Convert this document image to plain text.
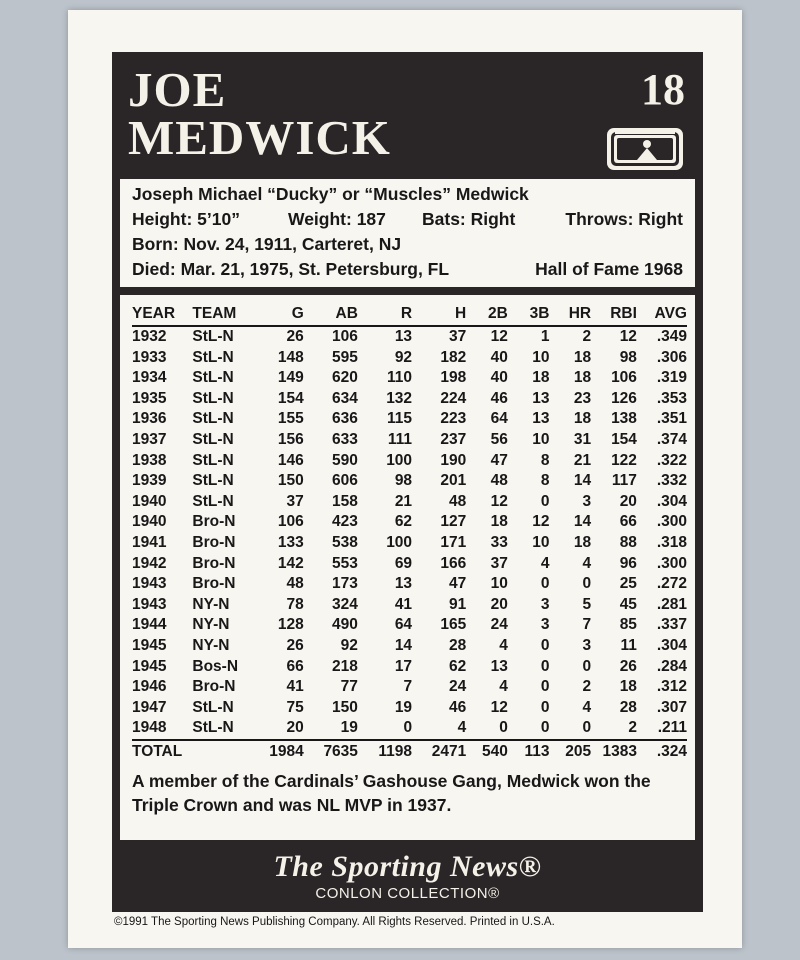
JOE
MEDWICK
18
Joseph Michael “Ducky” or “Muscles” Medwick
Height: 5’10”	Weight: 187 Bats: Right	Throws: Right
Born: Nov. 24, 1911, Carteret, NJ
Died: Mar. 21, 1975, St. Petersburg, FL	Hall of Fame 1968
YEAR	TEAM	G	AB	R	H	2B	3B	HR	RBI	AVG
1932	StL-N	26	106	13	37	12	1	2	12	.349
1933	StL-N	148	595	92	182	40	10	18	98	.306
1934	StL-N	149	620	110	198	40	18	18	106	.319
1935	StL-N	154	634	132	224	46	13	23	126	.353
1936	StL-N	155	636	115	223	64	13	18	138	.351
1937	StL-N	156	633	111	237	56	10	31	154	.374
1938	StL-N	146	590	100	190	47	8	21	122	.322
1939	StL-N	150	606	98	201	48	8	14	117	.332
1940	StL-N	37	158	21	48	12	0	3	20	.304
1940	Bro-N	106	423	62	127	18	12	14	66	.300
1941	Bro-N	133	538	100	171	33	10	18	88	.318
1942	Bro-N	142	553	69	166	37	4	4	96	.300
1943	Bro-N	48	173	13	47	10	0	0	25	.272
1943	NY-N	78	324	41	91	20	3	5	45	.281
1944	NY-N	128	490	64	165	24	3	7	85	.337
1945	NY-N	26	92	14	28	4	0	3	11	.304
1945	Bos-N	66	218	17	62	13	0	0	26	.284
1946	Bro-N	41	77	7	24	4	0	2	18	.312
1947	StL-N	75	150	19	46	12	0	4	28	.307
1948	StL-N	20	19	0	4	0	0	0	2	.211
TOTAL		1984	7635	1198	2471	540	113	205	1383	.324
A member of the Cardinals’ Gashouse Gang, Medwick won the Triple Crown and was NL MVP in 1937.
The Sporting News®
CONLON COLLECTION®
©1991 The Sporting News Publishing Company. All Rights Reserved. Printed in U.S.A.
